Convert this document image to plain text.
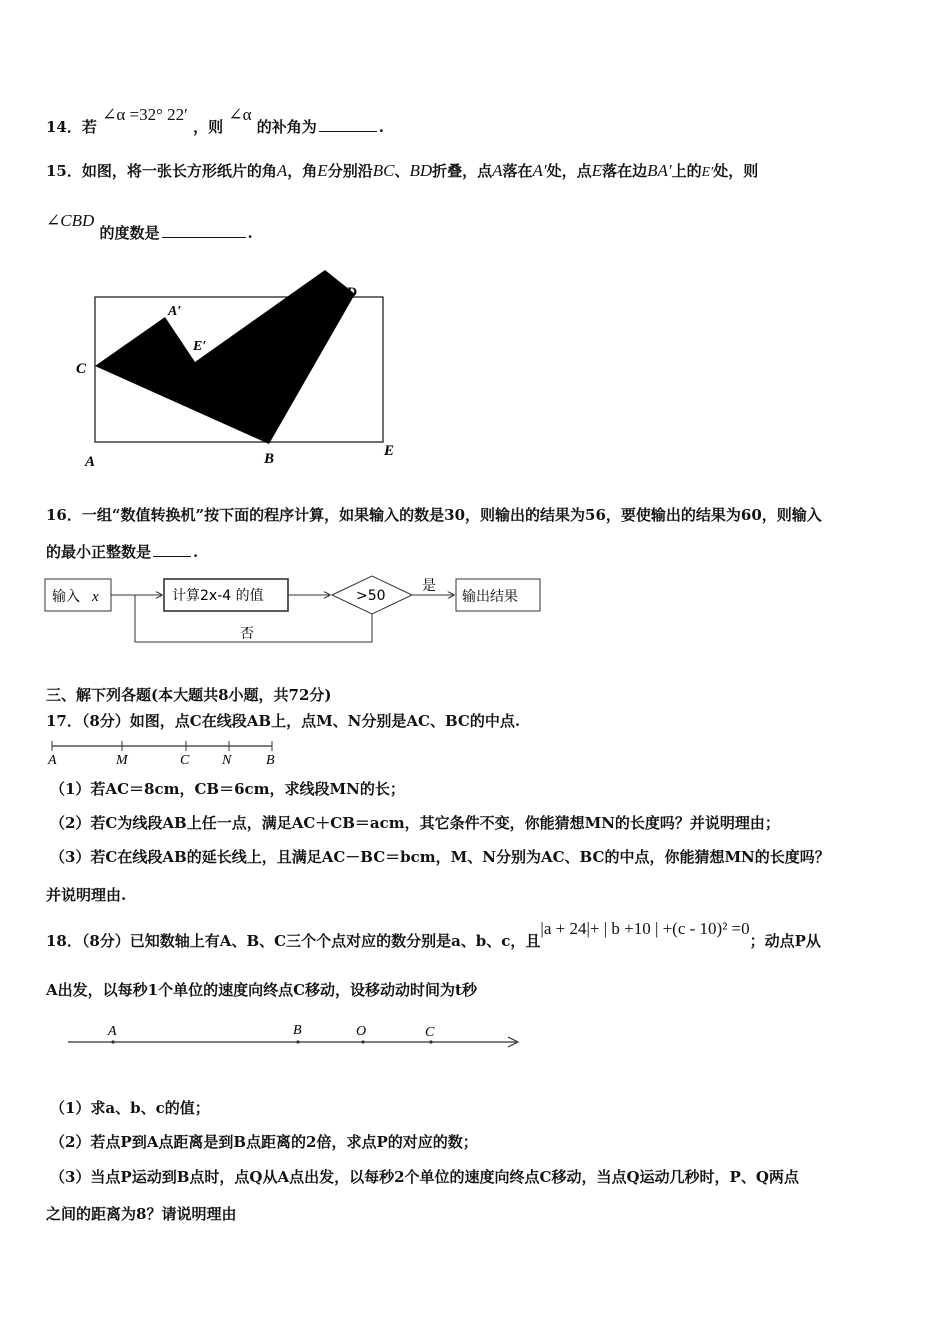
14．若 ∠α =32° 22′ ，则 ∠α 的补角为	.
15．如图，将一张长方形纸片的角A，角E分别沿BC、BD折叠，点A落在A′处，点E落在边BA′上的E′处，则
∠CBD 的度数是	.
D
A′
E′
C
A	B	E
16．一组“数值转换机”按下面的程序计算，如果输入的数是30，则输出的结果为56，要使输出的结果为60，则输入
的最小正整数是	.
输入 x	计算2x-4 的值	>50
是
输出结果
否
三、解下列各题(本大题共8小题，共72分)
17．（8分）如图，点C在线段AB上，点M、N分别是AC、BC的中点.
A	M	C N B
（1）若AC＝8cm，CB＝6cm，求线段MN的长；
（2）若C为线段AB上任一点，满足AC＋CB＝acm，其它条件不变，你能猜想MN的长度吗？并说明理由；
（3）若C在线段AB的延长线上，且满足AC－BC＝bcm，M、N分别为AC、BC的中点，你能猜想MN的长度吗？
并说明理由.
18．（8分）已知数轴上有A、B、C三个个点对应的数分别是a、b、c，且|a + 24|+ | b +10 | +(c - 10)² =0；动点P从
A出发，以每秒1个单位的速度向终点C移动，设移动动时间为t秒
A	B	O	C
（1）求a、b、c的值；
（2）若点P到A点距离是到B点距离的2倍，求点P的对应的数；
（3）当点P运动到B点时，点Q从A点出发，以每秒2个单位的速度向终点C移动，当点Q运动几秒时，P、Q两点
之间的距离为8？请说明理由
